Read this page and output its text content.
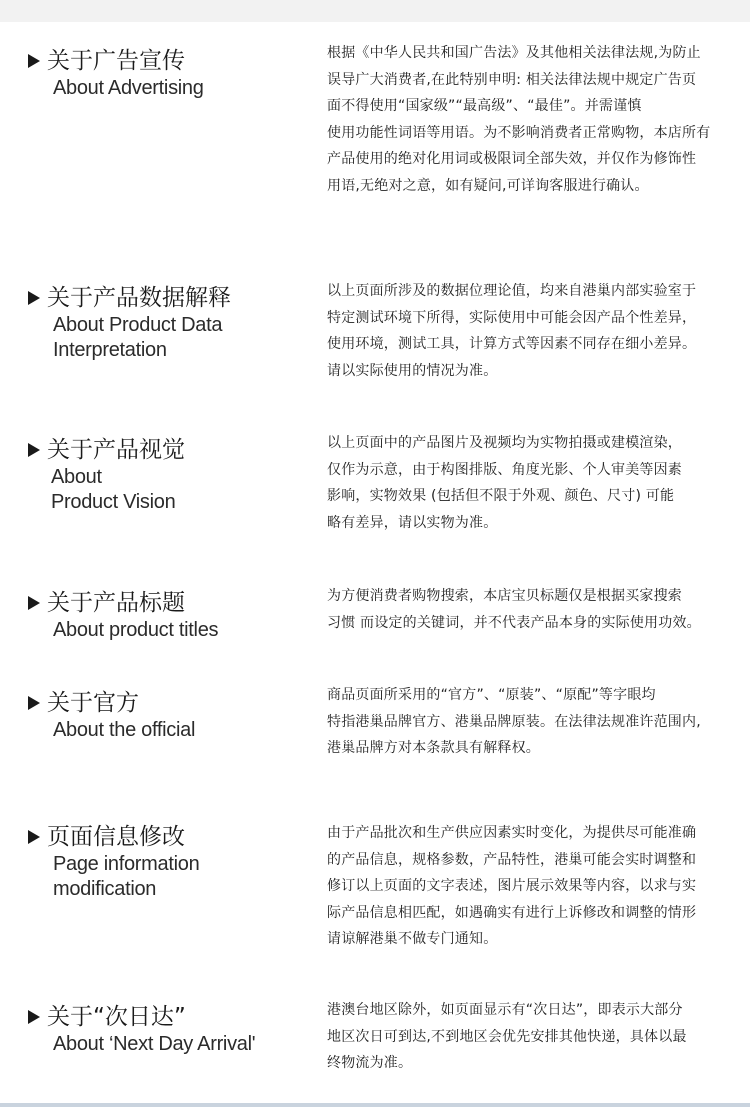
关于广告宣传
About Advertising
根据《中华人民共和国广告法》及其他相关法律法规,为防止
误导广大消费者,在此特别申明: 相关法律法规中规定广告页
面不得使用“国家级”“最高级”、“最佳”。并需谨慎
使用功能性词语等用语。为不影响消费者正常购物，本店所有
产品使用的绝对化用词或极限词全部失效，并仅作为修饰性
用语,无绝对之意，如有疑问,可详询客服进行确认。
关于产品数据解释
About Product Data
Interpretation
以上页面所涉及的数据位理论值，均来自港巢内部实验室于
特定测试环境下所得，实际使用中可能会因产品个性差异，
使用环境，测试工具，计算方式等因素不同存在细小差异。
请以实际使用的情况为准。
关于产品视觉
About
Product Vision
以上页面中的产品图片及视频均为实物拍摄或建模渲染，
仅作为示意，由于构图排版、角度光影、个人审美等因素
影响，实物效果 (包括但不限于外观、颜色、尺寸) 可能
略有差异，请以实物为准。
关于产品标题
About product titles
为方便消费者购物搜索，本店宝贝标题仅是根据买家搜索
习惯 而设定的关键词，并不代表产品本身的实际使用功效。
关于官方
About the official
商品页面所采用的“官方”、“原装”、“原配”等字眼均
特指港巢品牌官方、港巢品牌原装。在法律法规准许范围内,
港巢品牌方对本条款具有解释权。
页面信息修改
Page information
modification
由于产品批次和生产供应因素实时变化，为提供尽可能准确
的产品信息，规格参数，产品特性，港巢可能会实时调整和
修订以上页面的文字表述，图片展示效果等内容，以求与实
际产品信息相匹配，如遇确实有进行上诉修改和调整的情形
请谅解港巢不做专门通知。
关于“次日达”
About ‘Next Day Arrival'
港澳台地区除外，如页面显示有“次日达”，即表示大部分
地区次日可到达,不到地区会优先安排其他快递，具体以最
终物流为准。
